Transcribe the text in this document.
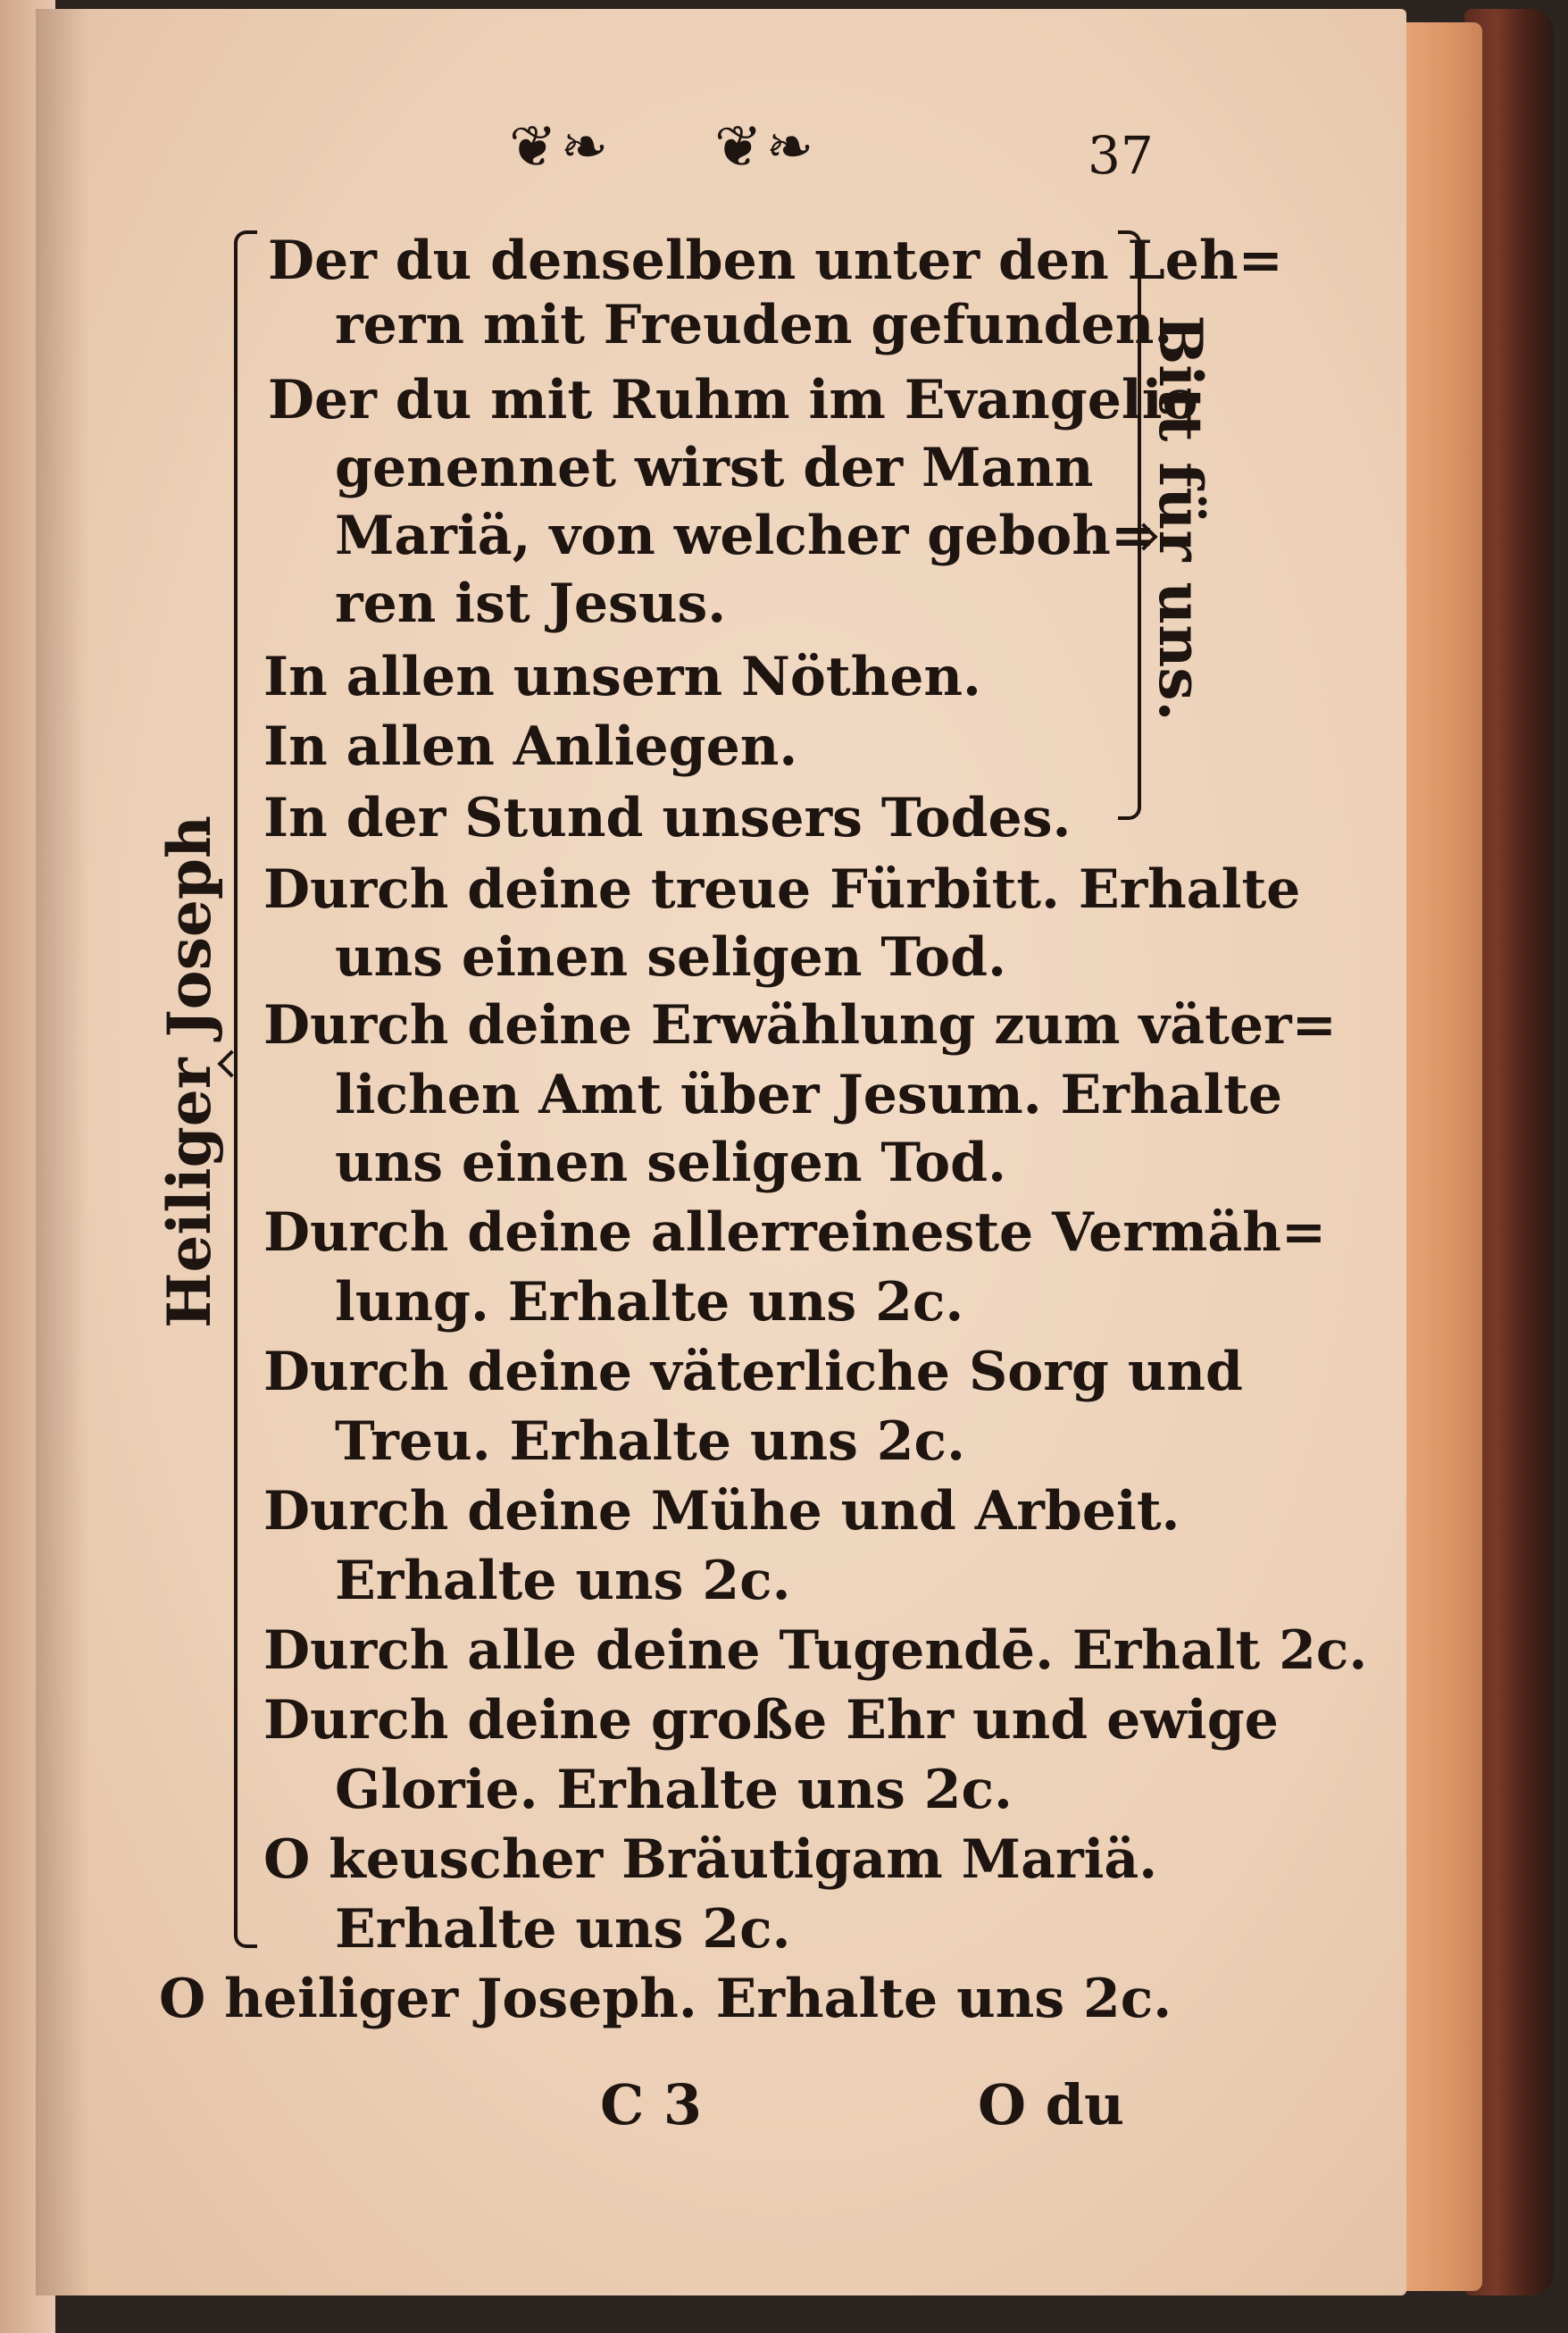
❦❧ ❦❧	37
Heiliger Joseph
Bitt für uns.

Der du denselben unter den Leh=

rern mit Freuden gefunden.

Der du mit Ruhm im Evangelio

genennet wirst der Mann

Mariä, von welcher geboh=

ren ist Jesus.

In allen unsern Nöthen.

In allen Anliegen.

In der Stund unsers Todes.

Durch deine treue Fürbitt. Erhalte

uns einen seligen Tod.

Durch deine Erwählung zum väter=

lichen Amt über Jesum. Erhalte

uns einen seligen Tod.

Durch deine allerreineste Vermäh=

lung. Erhalte uns 2c.

Durch deine väterliche Sorg und

Treu. Erhalte uns 2c.

Durch deine Mühe und Arbeit.

Erhalte uns 2c.

Durch alle deine Tugendē. Erhalt 2c.

Durch deine große Ehr und ewige

Glorie. Erhalte uns 2c.

O keuscher Bräutigam Mariä.

Erhalte uns 2c.

O heiliger Joseph. Erhalte uns 2c.

C 3	O du
